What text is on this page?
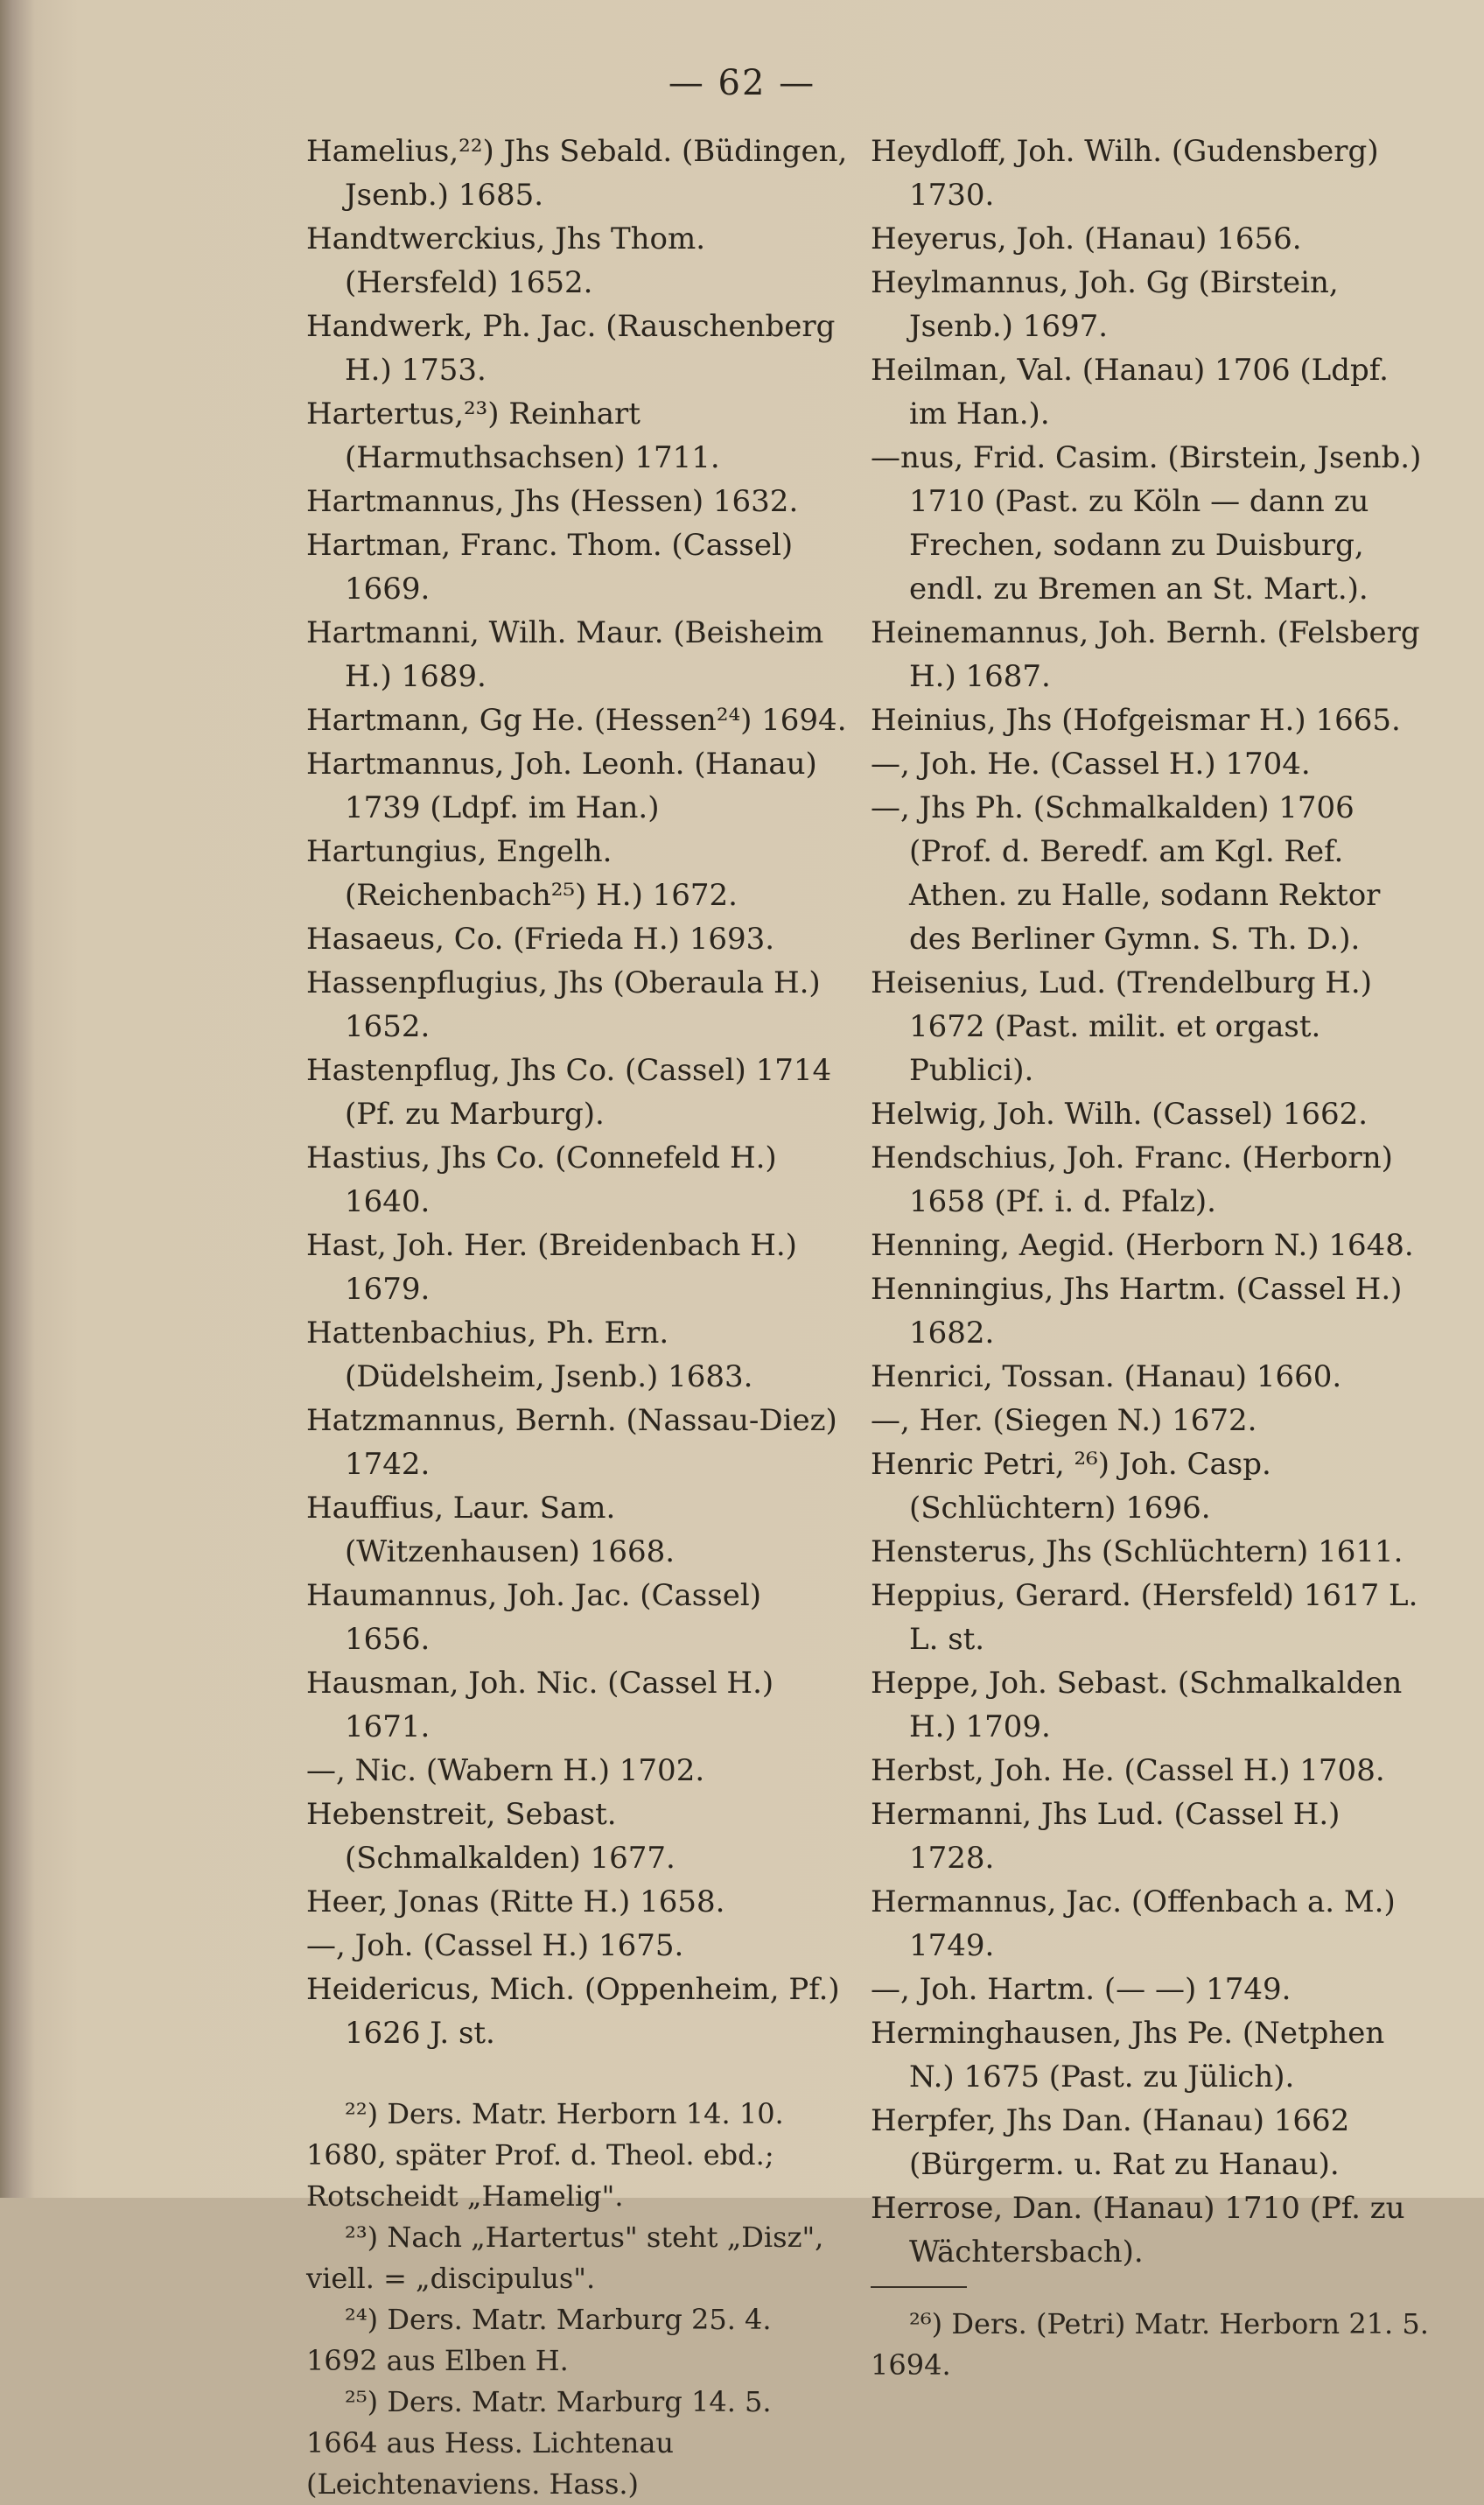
— 62 —

Hamelius,²²) Jhs Sebald. (Büdingen, Jsenb.) 1685.

Handtwerckius, Jhs Thom. (Hersfeld) 1652.

Handwerk, Ph. Jac. (Rauschenberg H.) 1753.

Hartertus,²³) Reinhart (Harmuthsachsen) 1711.

Hartmannus, Jhs (Hessen) 1632.

Hartman, Franc. Thom. (Cassel) 1669.

Hartmanni, Wilh. Maur. (Beisheim H.) 1689.

Hartmann, Gg He. (Hessen²⁴) 1694.

Hartmannus, Joh. Leonh. (Hanau) 1739 (Ldpf. im Han.)

Hartungius, Engelh. (Reichenbach²⁵) H.) 1672.

Hasaeus, Co. (Frieda H.) 1693.

Hassenpflugius, Jhs (Oberaula H.) 1652.

Hastenpflug, Jhs Co. (Cassel) 1714 (Pf. zu Marburg).

Hastius, Jhs Co. (Connefeld H.) 1640.

Hast, Joh. Her. (Breidenbach H.) 1679.

Hattenbachius, Ph. Ern. (Düdelsheim, Jsenb.) 1683.

Hatzmannus, Bernh. (Nassau-Diez) 1742.

Hauffius, Laur. Sam. (Witzenhausen) 1668.

Haumannus, Joh. Jac. (Cassel) 1656.

Hausman, Joh. Nic. (Cassel H.) 1671.

—, Nic. (Wabern H.) 1702.

Hebenstreit, Sebast. (Schmalkalden) 1677.

Heer, Jonas (Ritte H.) 1658.

—, Joh. (Cassel H.) 1675.

Heidericus, Mich. (Oppenheim, Pf.) 1626 J. st.

²²) Ders. Matr. Herborn 14. 10. 1680, später Prof. d. Theol. ebd.; Rotscheidt „Hamelig".

²³) Nach „Hartertus" steht „Disz", viell. = „discipulus".

²⁴) Ders. Matr. Marburg 25. 4. 1692 aus Elben H.

²⁵) Ders. Matr. Marburg 14. 5. 1664 aus Hess. Lichtenau (Leichtenaviens. Hass.)

Heydloff, Joh. Wilh. (Gudensberg) 1730.

Heyerus, Joh. (Hanau) 1656.

Heylmannus, Joh. Gg (Birstein, Jsenb.) 1697.

Heilman, Val. (Hanau) 1706 (Ldpf. im Han.).

—nus, Frid. Casim. (Birstein, Jsenb.) 1710 (Past. zu Köln — dann zu Frechen, sodann zu Duisburg, endl. zu Bremen an St. Mart.).

Heinemannus, Joh. Bernh. (Felsberg H.) 1687.

Heinius, Jhs (Hofgeismar H.) 1665.

—, Joh. He. (Cassel H.) 1704.

—, Jhs Ph. (Schmalkalden) 1706 (Prof. d. Beredf. am Kgl. Ref. Athen. zu Halle, sodann Rektor des Berliner Gymn. S. Th. D.).

Heisenius, Lud. (Trendelburg H.) 1672 (Past. milit. et orgast. Publici).

Helwig, Joh. Wilh. (Cassel) 1662.

Hendschius, Joh. Franc. (Herborn) 1658 (Pf. i. d. Pfalz).

Henning, Aegid. (Herborn N.) 1648.

Henningius, Jhs Hartm. (Cassel H.) 1682.

Henrici, Tossan. (Hanau) 1660.

—, Her. (Siegen N.) 1672.

Henric Petri, ²⁶) Joh. Casp. (Schlüchtern) 1696.

Hensterus, Jhs (Schlüchtern) 1611.

Heppius, Gerard. (Hersfeld) 1617 L. L. st.

Heppe, Joh. Sebast. (Schmalkalden H.) 1709.

Herbst, Joh. He. (Cassel H.) 1708.

Hermanni, Jhs Lud. (Cassel H.) 1728.

Hermannus, Jac. (Offenbach a. M.) 1749.

—, Joh. Hartm. (— —) 1749.

Herminghausen, Jhs Pe. (Netphen N.) 1675 (Past. zu Jülich).

Herpfer, Jhs Dan. (Hanau) 1662 (Bürgerm. u. Rat zu Hanau).

Herrose, Dan. (Hanau) 1710 (Pf. zu Wächtersbach).

²⁶) Ders. (Petri) Matr. Herborn 21. 5. 1694.
